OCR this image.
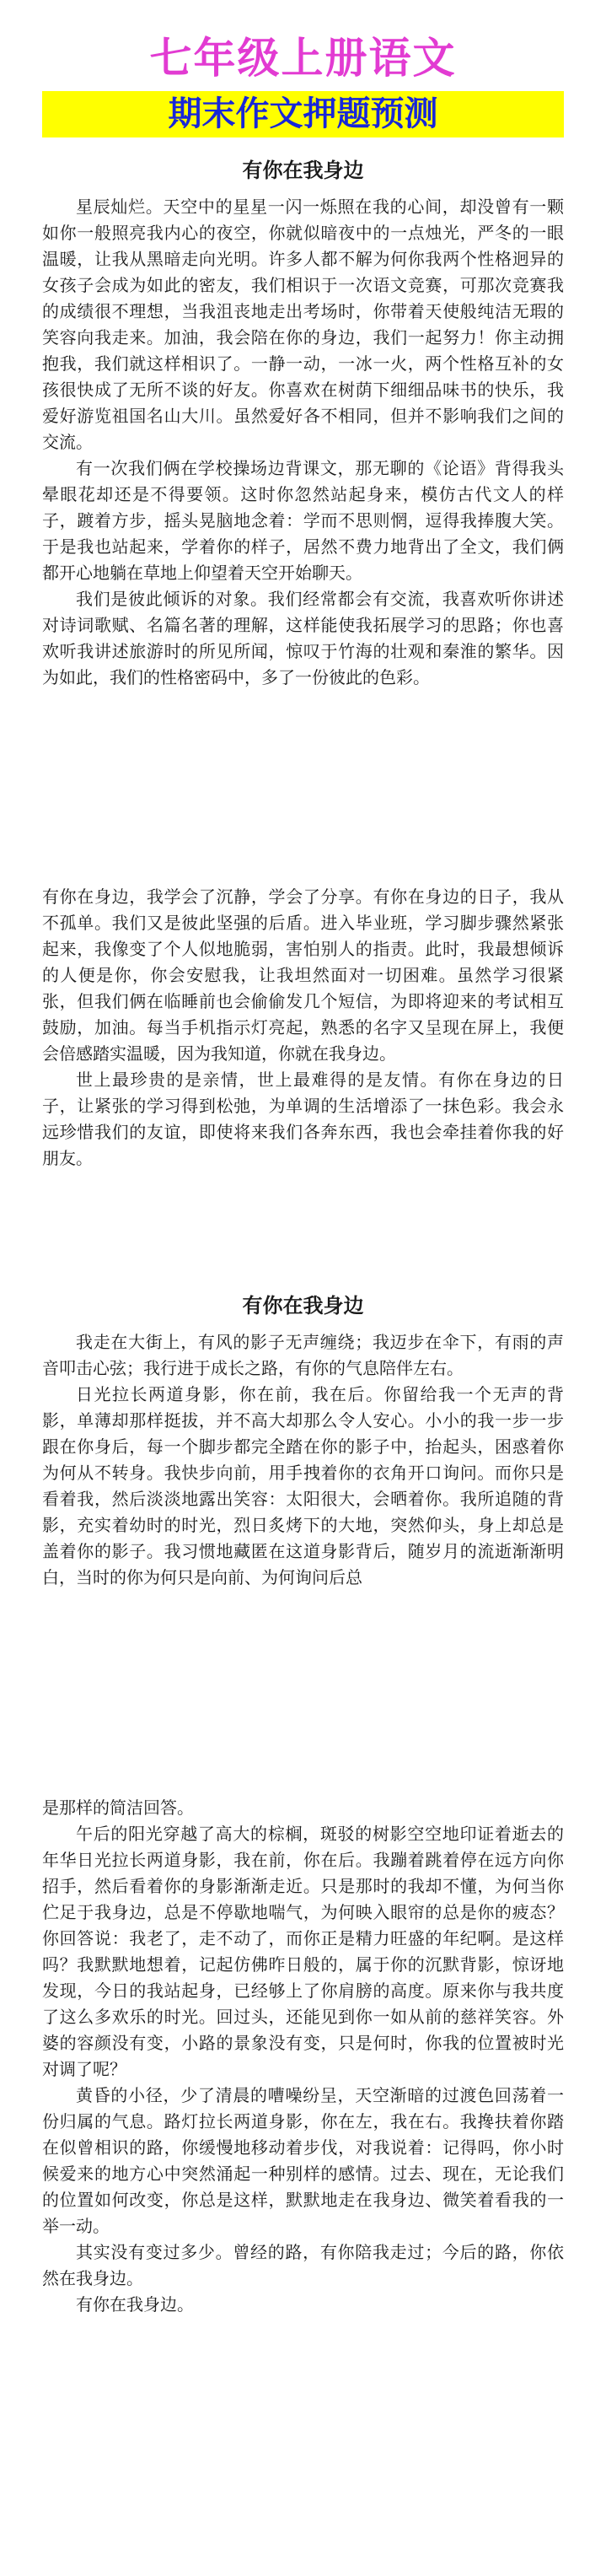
七年级上册语文
期末作文押题预测
有你在我身边

星辰灿烂。天空中的星星一闪一烁照在我的心间，却没曾有一颗如你一般照亮我内心的夜空，你就似暗夜中的一点烛光，严冬的一眼温暖，让我从黑暗走向光明。许多人都不解为何你我两个性格迥异的女孩子会成为如此的密友，我们相识于一次语文竞赛，可那次竞赛我的成绩很不理想，当我沮丧地走出考场时，你带着天使般纯洁无瑕的笑容向我走来。加油，我会陪在你的身边，我们一起努力！你主动拥抱我，我们就这样相识了。一静一动，一冰一火，两个性格互补的女孩很快成了无所不谈的好友。你喜欢在树荫下细细品味书的快乐，我爱好游览祖国名山大川。虽然爱好各不相同，但并不影响我们之间的交流。

有一次我们俩在学校操场边背课文，那无聊的《论语》背得我头晕眼花却还是不得要领。这时你忽然站起身来，模仿古代文人的样子，踱着方步，摇头晃脑地念着：学而不思则惘，逗得我捧腹大笑。于是我也站起来，学着你的样子，居然不费力地背出了全文，我们俩都开心地躺在草地上仰望着天空开始聊天。

我们是彼此倾诉的对象。我们经常都会有交流，我喜欢听你讲述对诗词歌赋、名篇名著的理解，这样能使我拓展学习的思路；你也喜欢听我讲述旅游时的所见所闻，惊叹于竹海的壮观和秦淮的繁华。因为如此，我们的性格密码中，多了一份彼此的色彩。

有你在身边，我学会了沉静，学会了分享。有你在身边的日子，我从不孤单。我们又是彼此坚强的后盾。进入毕业班，学习脚步骤然紧张起来，我像变了个人似地脆弱，害怕别人的指责。此时，我最想倾诉的人便是你，你会安慰我，让我坦然面对一切困难。虽然学习很紧张，但我们俩在临睡前也会偷偷发几个短信，为即将迎来的考试相互鼓励，加油。每当手机指示灯亮起，熟悉的名字又呈现在屏上，我便会倍感踏实温暖，因为我知道，你就在我身边。

世上最珍贵的是亲情，世上最难得的是友情。有你在身边的日子，让紧张的学习得到松弛，为单调的生活增添了一抹色彩。我会永远珍惜我们的友谊，即使将来我们各奔东西，我也会牵挂着你我的好朋友。

有你在我身边

我走在大街上，有风的影子无声缠绕；我迈步在伞下，有雨的声音叩击心弦；我行进于成长之路，有你的气息陪伴左右。

日光拉长两道身影，你在前，我在后。你留给我一个无声的背影，单薄却那样挺拔，并不高大却那么令人安心。小小的我一步一步跟在你身后，每一个脚步都完全踏在你的影子中，抬起头，困惑着你为何从不转身。我快步向前，用手拽着你的衣角开口询问。而你只是看着我，然后淡淡地露出笑容：太阳很大，会晒着你。我所追随的背影，充实着幼时的时光，烈日炙烤下的大地，突然仰头，身上却总是盖着你的影子。我习惯地藏匿在这道身影背后，随岁月的流逝渐渐明白，当时的你为何只是向前、为何询问后总

是那样的简洁回答。

午后的阳光穿越了高大的棕榈，斑驳的树影空空地印证着逝去的年华日光拉长两道身影，我在前，你在后。我蹦着跳着停在远方向你招手，然后看着你的身影渐渐走近。只是那时的我却不懂，为何当你伫足于我身边，总是不停歇地喘气，为何映入眼帘的总是你的疲态？你回答说：我老了，走不动了，而你正是精力旺盛的年纪啊。是这样吗？我默默地想着，记起仿佛昨日般的，属于你的沉默背影，惊讶地发现，今日的我站起身，已经够上了你肩膀的高度。原来你与我共度了这么多欢乐的时光。回过头，还能见到你一如从前的慈祥笑容。外婆的容颜没有变，小路的景象没有变，只是何时，你我的位置被时光对调了呢？

黄昏的小径，少了清晨的嘈噪纷呈，天空渐暗的过渡色回荡着一份归属的气息。路灯拉长两道身影，你在左，我在右。我搀扶着你踏在似曾相识的路，你缓慢地移动着步伐，对我说着：记得吗，你小时候爱来的地方心中突然涌起一种别样的感情。过去、现在，无论我们的位置如何改变，你总是这样，默默地走在我身边、微笑着看我的一举一动。

其实没有变过多少。曾经的路，有你陪我走过；今后的路，你依然在我身边。

有你在我身边。
